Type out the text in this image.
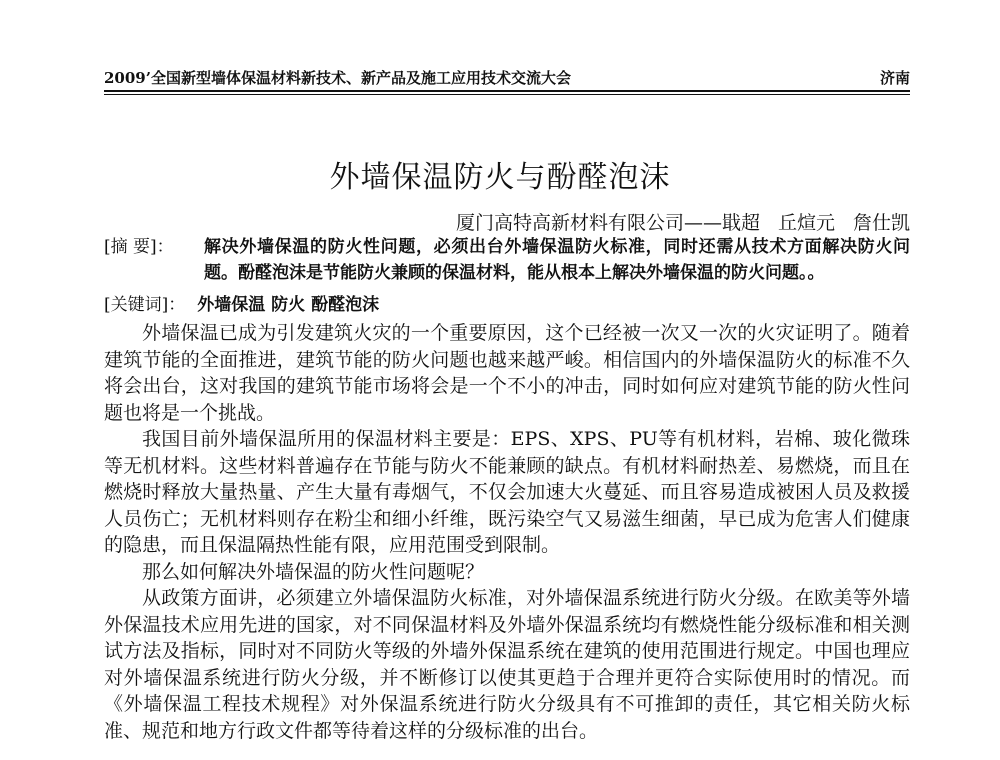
2009’全国新型墙体保温材料新技术、新产品及施工应用技术交流大会	济南
外墙保温防火与酚醛泡沫
厦门高特高新材料有限公司——戢超 丘煊元 詹仕凯
[摘 要]： 解决外墙保温的防火性问题，必须出台外墙保温防火标准，同时还需从技术方面解决防火问题。酚醛泡沫是节能防火兼顾的保温材料，能从根本上解决外墙保温的防火问题。。
[关键词]： 外墙保温 防火 酚醛泡沫

外墙保温已成为引发建筑火灾的一个重要原因，这个已经被一次又一次的火灾证明了。随着建筑节能的全面推进，建筑节能的防火问题也越来越严峻。相信国内的外墙保温防火的标准不久将会出台，这对我国的建筑节能市场将会是一个不小的冲击，同时如何应对建筑节能的防火性问题也将是一个挑战。

我国目前外墙保温所用的保温材料主要是：EPS、XPS、PU等有机材料，岩棉、玻化微珠等无机材料。这些材料普遍存在节能与防火不能兼顾的缺点。有机材料耐热差、易燃烧，而且在燃烧时释放大量热量、产生大量有毒烟气，不仅会加速大火蔓延、而且容易造成被困人员及救援人员伤亡；无机材料则存在粉尘和细小纤维，既污染空气又易滋生细菌，早已成为危害人们健康的隐患，而且保温隔热性能有限，应用范围受到限制。

那么如何解决外墙保温的防火性问题呢？

从政策方面讲，必须建立外墙保温防火标准，对外墙保温系统进行防火分级。在欧美等外墙外保温技术应用先进的国家，对不同保温材料及外墙外保温系统均有燃烧性能分级标准和相关测试方法及指标，同时对不同防火等级的外墙外保温系统在建筑的使用范围进行规定。中国也理应对外墙保温系统进行防火分级，并不断修订以使其更趋于合理并更符合实际使用时的情况。而《外墙保温工程技术规程》对外保温系统进行防火分级具有不可推卸的责任，其它相关防火标准、规范和地方行政文件都等待着这样的分级标准的出台。
